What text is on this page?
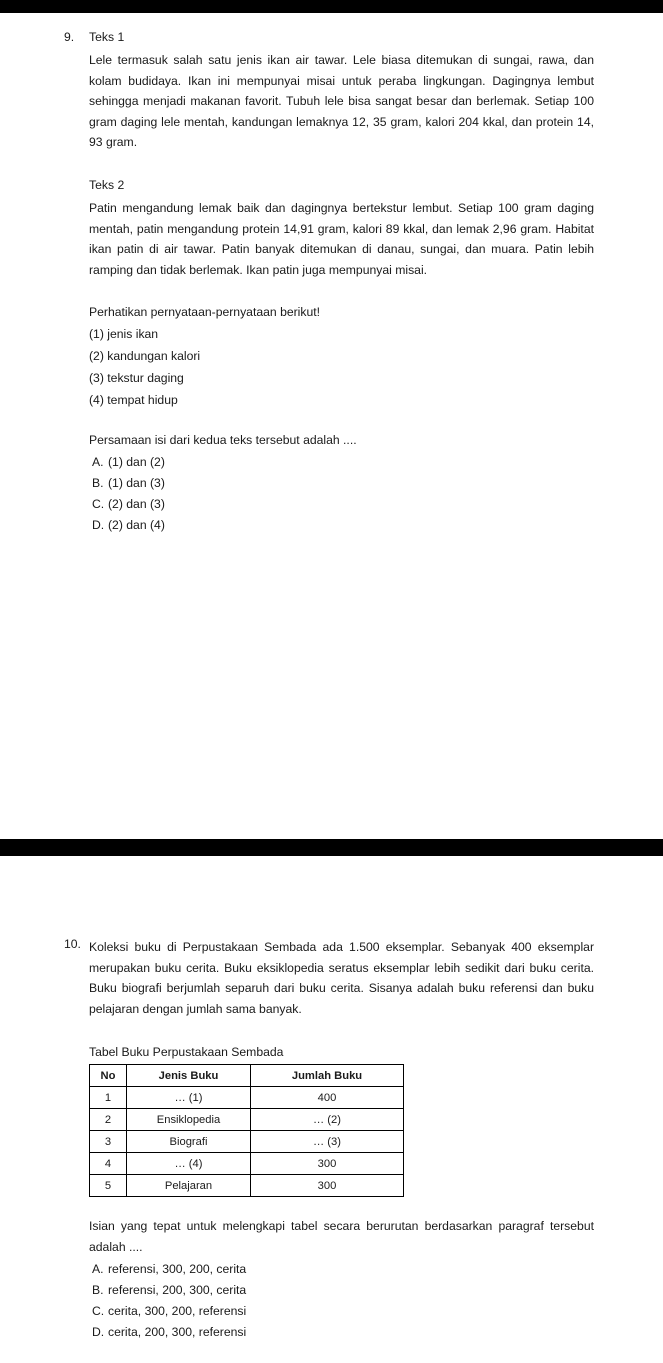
9. Teks 1
Lele termasuk salah satu jenis ikan air tawar. Lele biasa ditemukan di sungai, rawa, dan kolam budidaya. Ikan ini mempunyai misai untuk peraba lingkungan. Dagingnya lembut sehingga menjadi makanan favorit. Tubuh lele bisa sangat besar dan berlemak. Setiap 100 gram daging lele mentah, kandungan lemaknya 12, 35 gram, kalori 204 kkal, dan protein 14, 93 gram.
Teks 2
Patin mengandung lemak baik dan dagingnya bertekstur lembut. Setiap 100 gram daging mentah, patin mengandung protein 14,91 gram, kalori 89 kkal, dan lemak 2,96 gram. Habitat ikan patin di air tawar. Patin banyak ditemukan di danau, sungai, dan muara. Patin lebih ramping dan tidak berlemak. Ikan patin juga mempunyai misai.
Perhatikan pernyataan-pernyataan berikut!
(1) jenis ikan
(2) kandungan kalori
(3) tekstur daging
(4) tempat hidup
Persamaan isi dari kedua teks tersebut adalah ....
A. (1) dan (2)
B. (1) dan (3)
C. (2) dan (3)
D. (2) dan (4)
10. Koleksi buku di Perpustakaan Sembada ada 1.500 eksemplar. Sebanyak 400 eksemplar merupakan buku cerita. Buku eksiklopedia seratus eksemplar lebih sedikit dari buku cerita. Buku biografi berjumlah separuh dari buku cerita. Sisanya adalah buku referensi dan buku pelajaran dengan jumlah sama banyak.
Tabel Buku Perpustakaan Sembada
No	Jenis Buku	Jumlah Buku
1	… (1)	400
2	Ensiklopedia	… (2)
3	Biografi	… (3)
4	… (4)	300
5	Pelajaran	300
Isian yang tepat untuk melengkapi tabel secara berurutan berdasarkan paragraf tersebut adalah ....
A. referensi, 300, 200, cerita
B. referensi, 200, 300, cerita
C. cerita, 300, 200, referensi
D. cerita, 200, 300, referensi
